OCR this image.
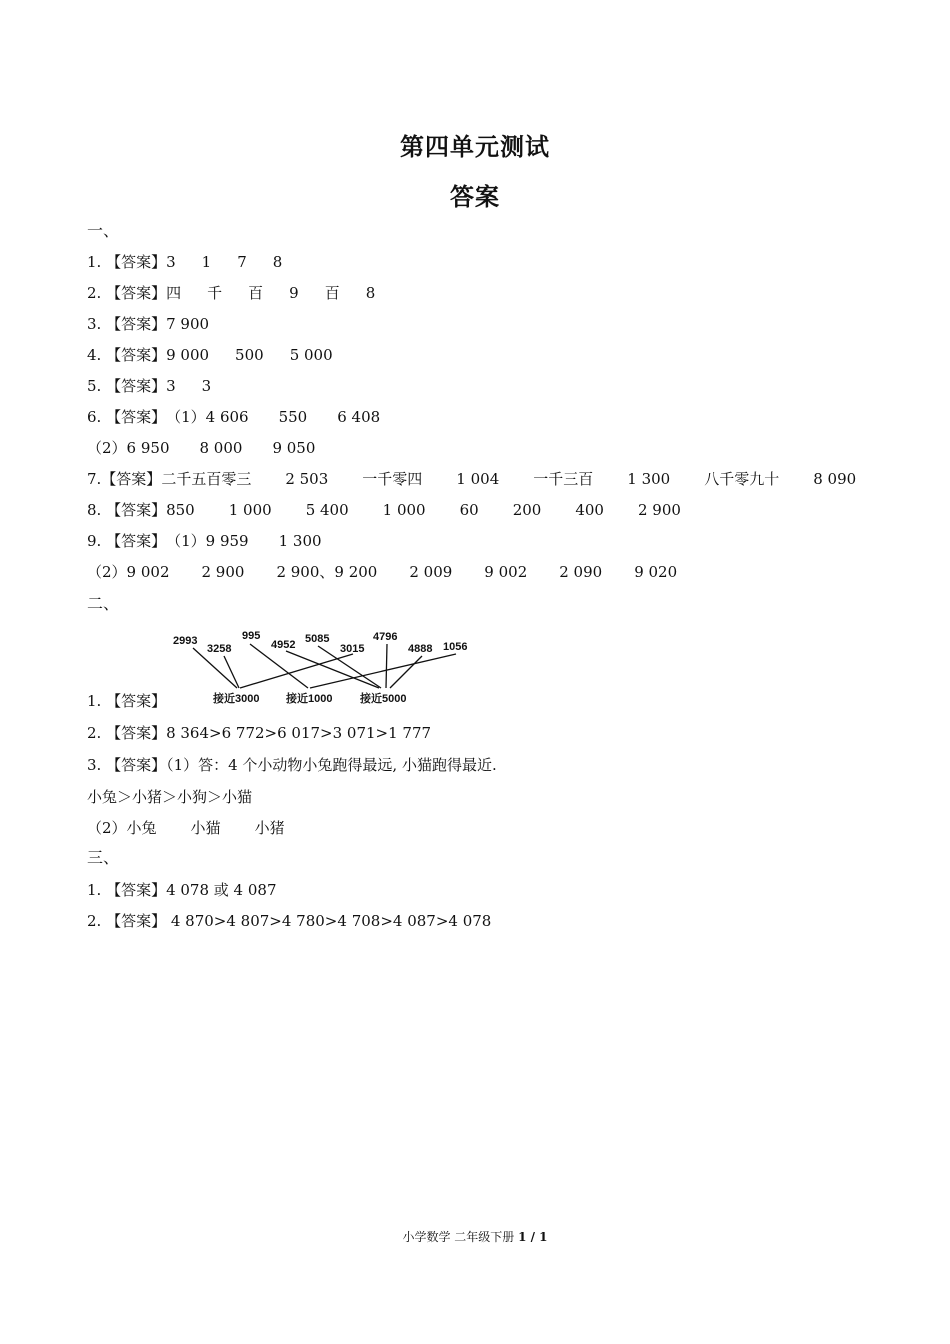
第四单元测试
答案
一、
1. 【答案】3 1 7 8
2. 【答案】四 千 百 9 百 8
3. 【答案】7 900
4. 【答案】9 000 500 5 000
5. 【答案】3 3
6. 【答案】（1）4 606 550 6 408
（2）6 950 8 000 9 050
7.【答案】二千五百零三 2 503 一千零四 1 004 一千三百 1 300 八千零九十 8 090
8. 【答案】850 1 000 5 400 1 000 60 200 400 2 900
9. 【答案】（1）9 959 1 300
（2）9 002 2 900 2 900、9 200 2 009 9 002 2 090 9 020
二、
2993
3258
995
4952 5085
3015
4796
4888 1056
接近3000 接近1000	接近5000
1. 【答案】
2. 【答案】8 364>6 772>6 017>3 071>1 777
3. 【答案】（1）答：4 个小动物小兔跑得最远, 小猫跑得最近.
小兔＞小猪＞小狗＞小猫
（2）小兔 小猫 小猪
三、
1. 【答案】4 078 或 4 087
2. 【答案】 4 870>4 807>4 780>4 708>4 087>4 078
小学数学 二年级下册 1 / 1
